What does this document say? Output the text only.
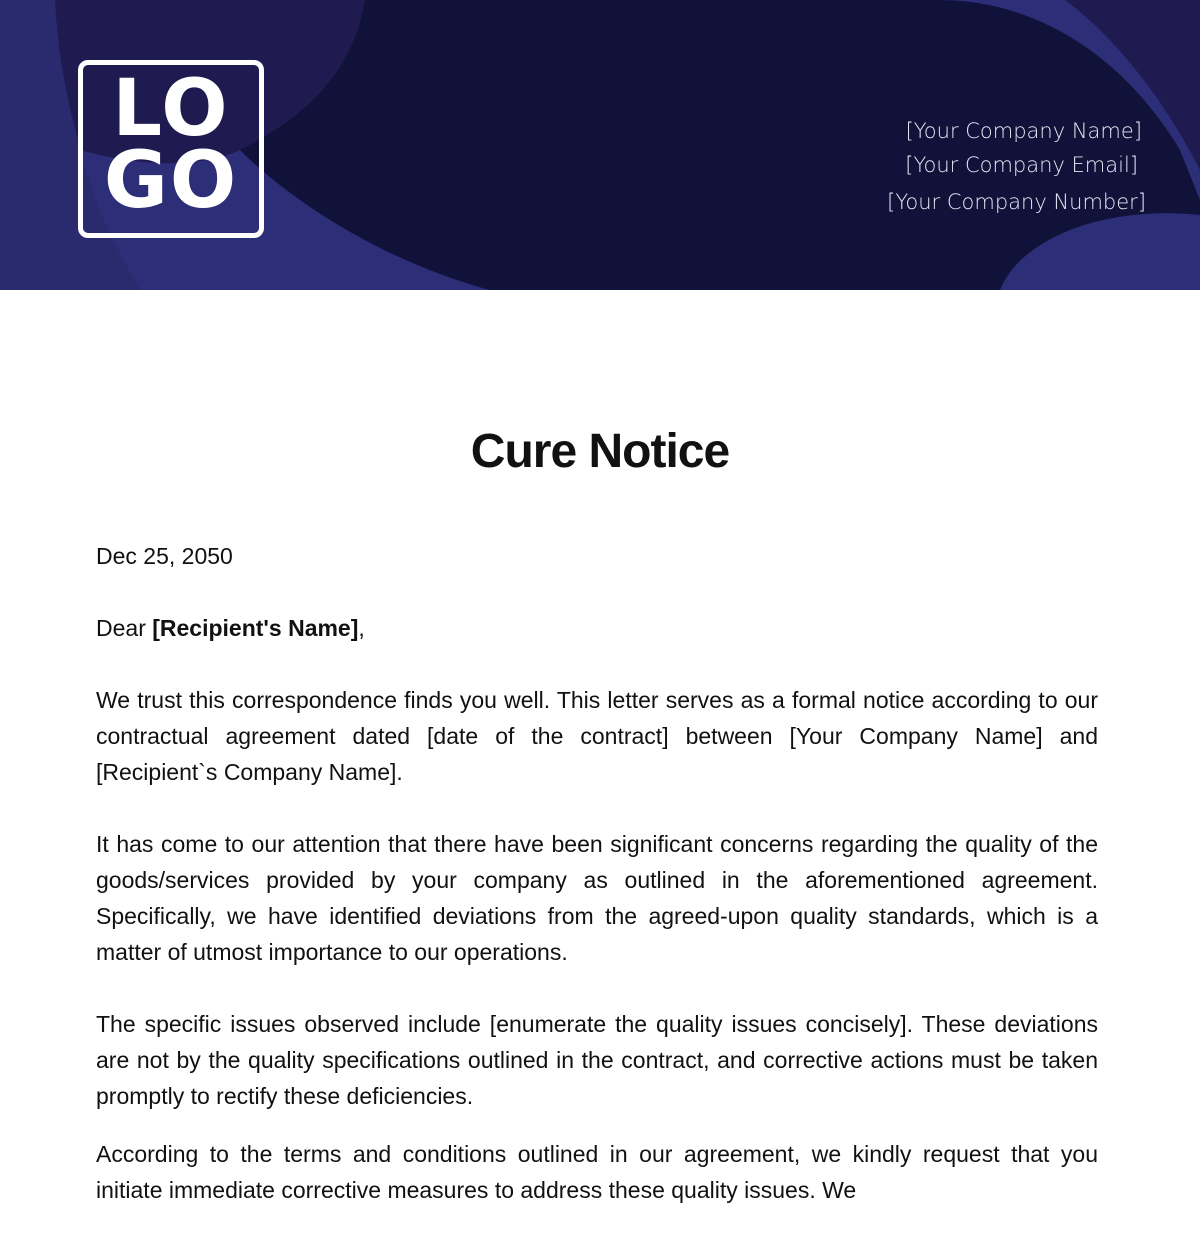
LO
GO
[Your Company Name]
[Your Company Email]
[Your Company Number]
Cure Notice

Dec 25, 2050

Dear [Recipient's Name],

We trust this correspondence finds you well. This letter serves as a formal notice according to our contractual agreement dated [date of the contract] between [Your Company Name] and [Recipient`s Company Name].

It has come to our attention that there have been significant concerns regarding the quality of the goods/services provided by your company as outlined in the aforementioned agreement. Specifically, we have identified deviations from the agreed-upon quality standards, which is a matter of utmost importance to our operations.

The specific issues observed include [enumerate the quality issues concisely]. These deviations are not by the quality specifications outlined in the contract, and corrective actions must be taken promptly to rectify these deficiencies.

According to the terms and conditions outlined in our agreement, we kindly request that you initiate immediate corrective measures to address these quality issues. We
